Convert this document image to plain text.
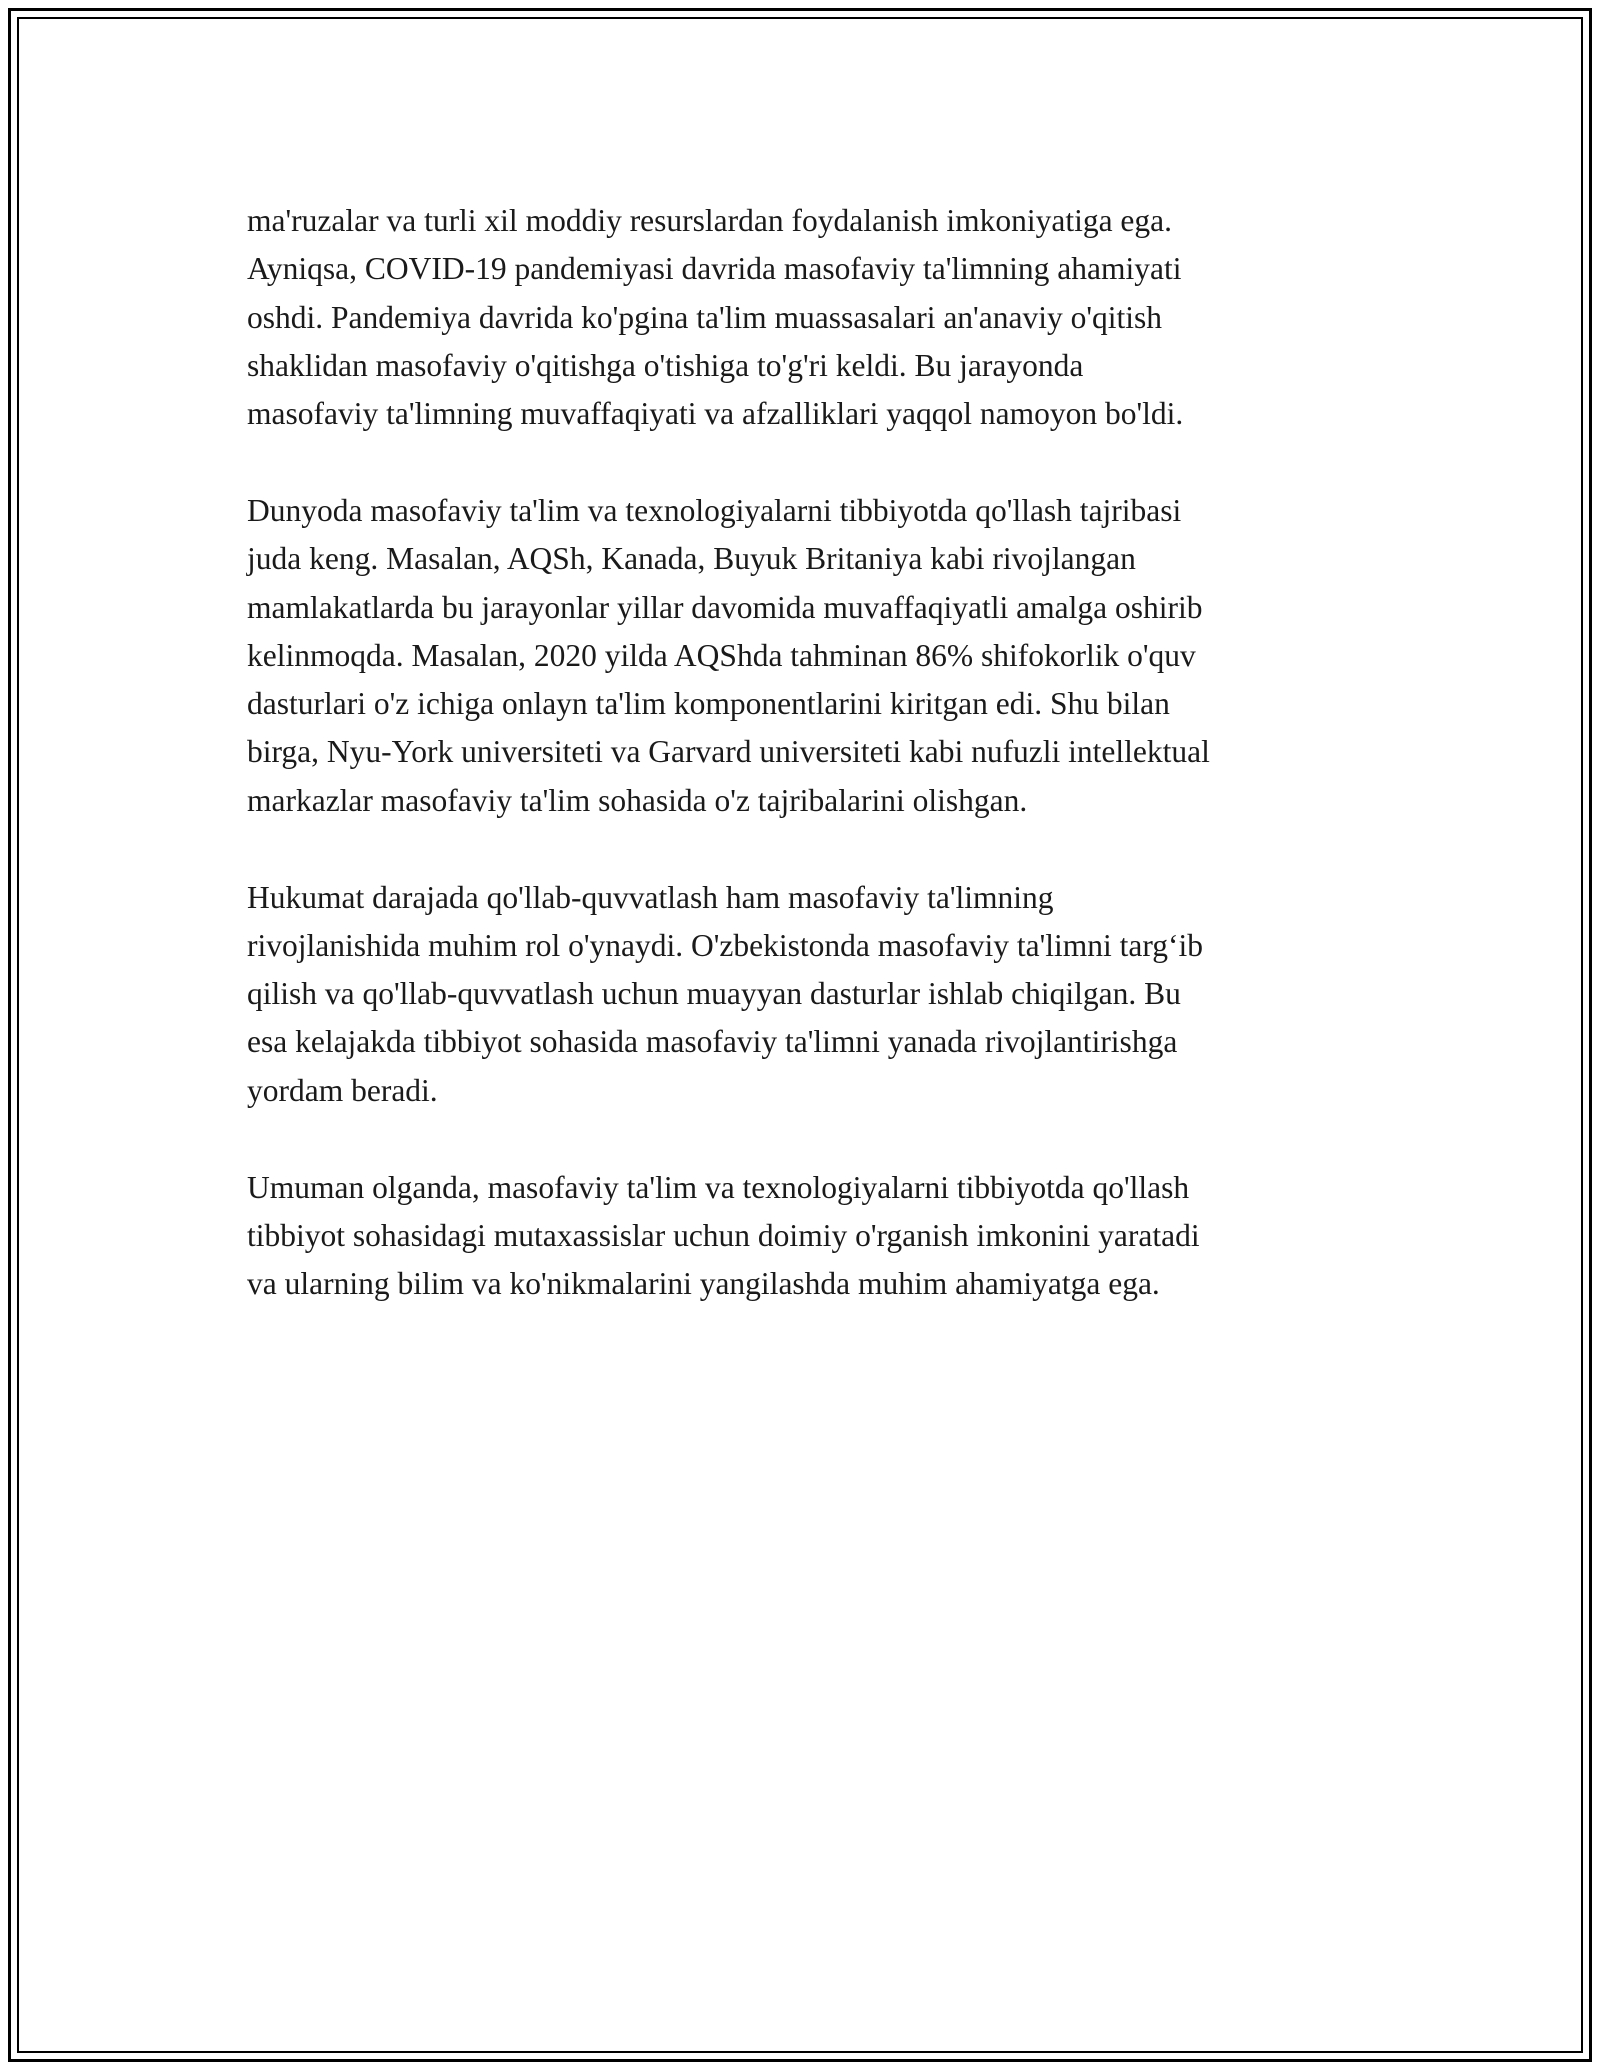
ma'ruzalar va turli xil moddiy resurslardan foydalanish imkoniyatiga ega.
Ayniqsa, COVID-19 pandemiyasi davrida masofaviy ta'limning ahamiyati
oshdi. Pandemiya davrida ko'pgina ta'lim muassasalari an'anaviy o'qitish
shaklidan masofaviy o'qitishga o'tishiga to'g'ri keldi. Bu jarayonda
masofaviy ta'limning muvaffaqiyati va afzalliklari yaqqol namoyon bo'ldi.

Dunyoda masofaviy ta'lim va texnologiyalarni tibbiyotda qo'llash tajribasi
juda keng. Masalan, AQSh, Kanada, Buyuk Britaniya kabi rivojlangan
mamlakatlarda bu jarayonlar yillar davomida muvaffaqiyatli amalga oshirib
kelinmoqda. Masalan, 2020 yilda AQShda tahminan 86% shifokorlik o'quv
dasturlari o'z ichiga onlayn ta'lim komponentlarini kiritgan edi. Shu bilan
birga, Nyu-York universiteti va Garvard universiteti kabi nufuzli intellektual
markazlar masofaviy ta'lim sohasida o'z tajribalarini olishgan.

Hukumat darajada qo'llab-quvvatlash ham masofaviy ta'limning
rivojlanishida muhim rol o'ynaydi. O'zbekistonda masofaviy ta'limni targ‘ib
qilish va qo'llab-quvvatlash uchun muayyan dasturlar ishlab chiqilgan. Bu
esa kelajakda tibbiyot sohasida masofaviy ta'limni yanada rivojlantirishga
yordam beradi.

Umuman olganda, masofaviy ta'lim va texnologiyalarni tibbiyotda qo'llash
tibbiyot sohasidagi mutaxassislar uchun doimiy o'rganish imkonini yaratadi
va ularning bilim va ko'nikmalarini yangilashda muhim ahamiyatga ega.
